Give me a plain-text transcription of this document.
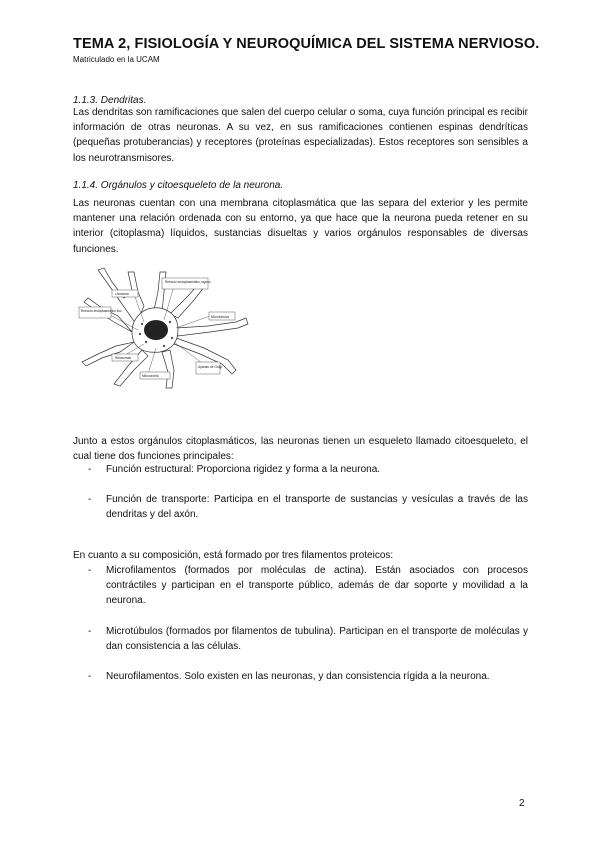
TEMA 2, FISIOLOGÍA Y NEUROQUÍMICA DEL SISTEMA NERVIOSO.
Matriculado en la UCAM
1.1.3. Dendritas.
Las dendritas son ramificaciones que salen del cuerpo celular o soma, cuya función principal es recibir información de otras neuronas. A su vez, en sus ramificaciones contienen espinas dendríticas (pequeñas protuberancias) y receptores (proteínas especializadas). Estos receptores son sensibles a los neurotransmisores.
1.1.4. Orgánulos y citoesqueleto de la neurona.
Las neuronas cuentan con una membrana citoplasmática que las separa del exterior y les permite mantener una relación ordenada con su entorno, ya que hace que la neurona pueda retener en su interior (citoplasma) líquidos, sustancias disueltas y varios orgánulos responsables de diversas funciones.
Retículo endoplasmático rugoso
Lisosoma
Retículo endoplasmático liso
Microtúbulos
Ribosomas
Mitocondria
Aparato de Golgi
Junto a estos orgánulos citoplasmáticos, las neuronas tienen un esqueleto llamado citoesqueleto, el cual tiene dos funciones principales:
- Función estructural: Proporciona rigidez y forma a la neurona.
- Función de transporte: Participa en el transporte de sustancias y vesículas a través de las dendritas y del axón.
En cuanto a su composición, está formado por tres filamentos proteicos:
- Microfilamentos (formados por moléculas de actina). Están asociados con procesos contráctiles y participan en el transporte público, además de dar soporte y movilidad a la neurona.
- Microtúbulos (formados por filamentos de tubulina). Participan en el transporte de moléculas y dan consistencia a las células.
- Neurofilamentos. Solo existen en las neuronas, y dan consistencia rígida a la neurona.
2
